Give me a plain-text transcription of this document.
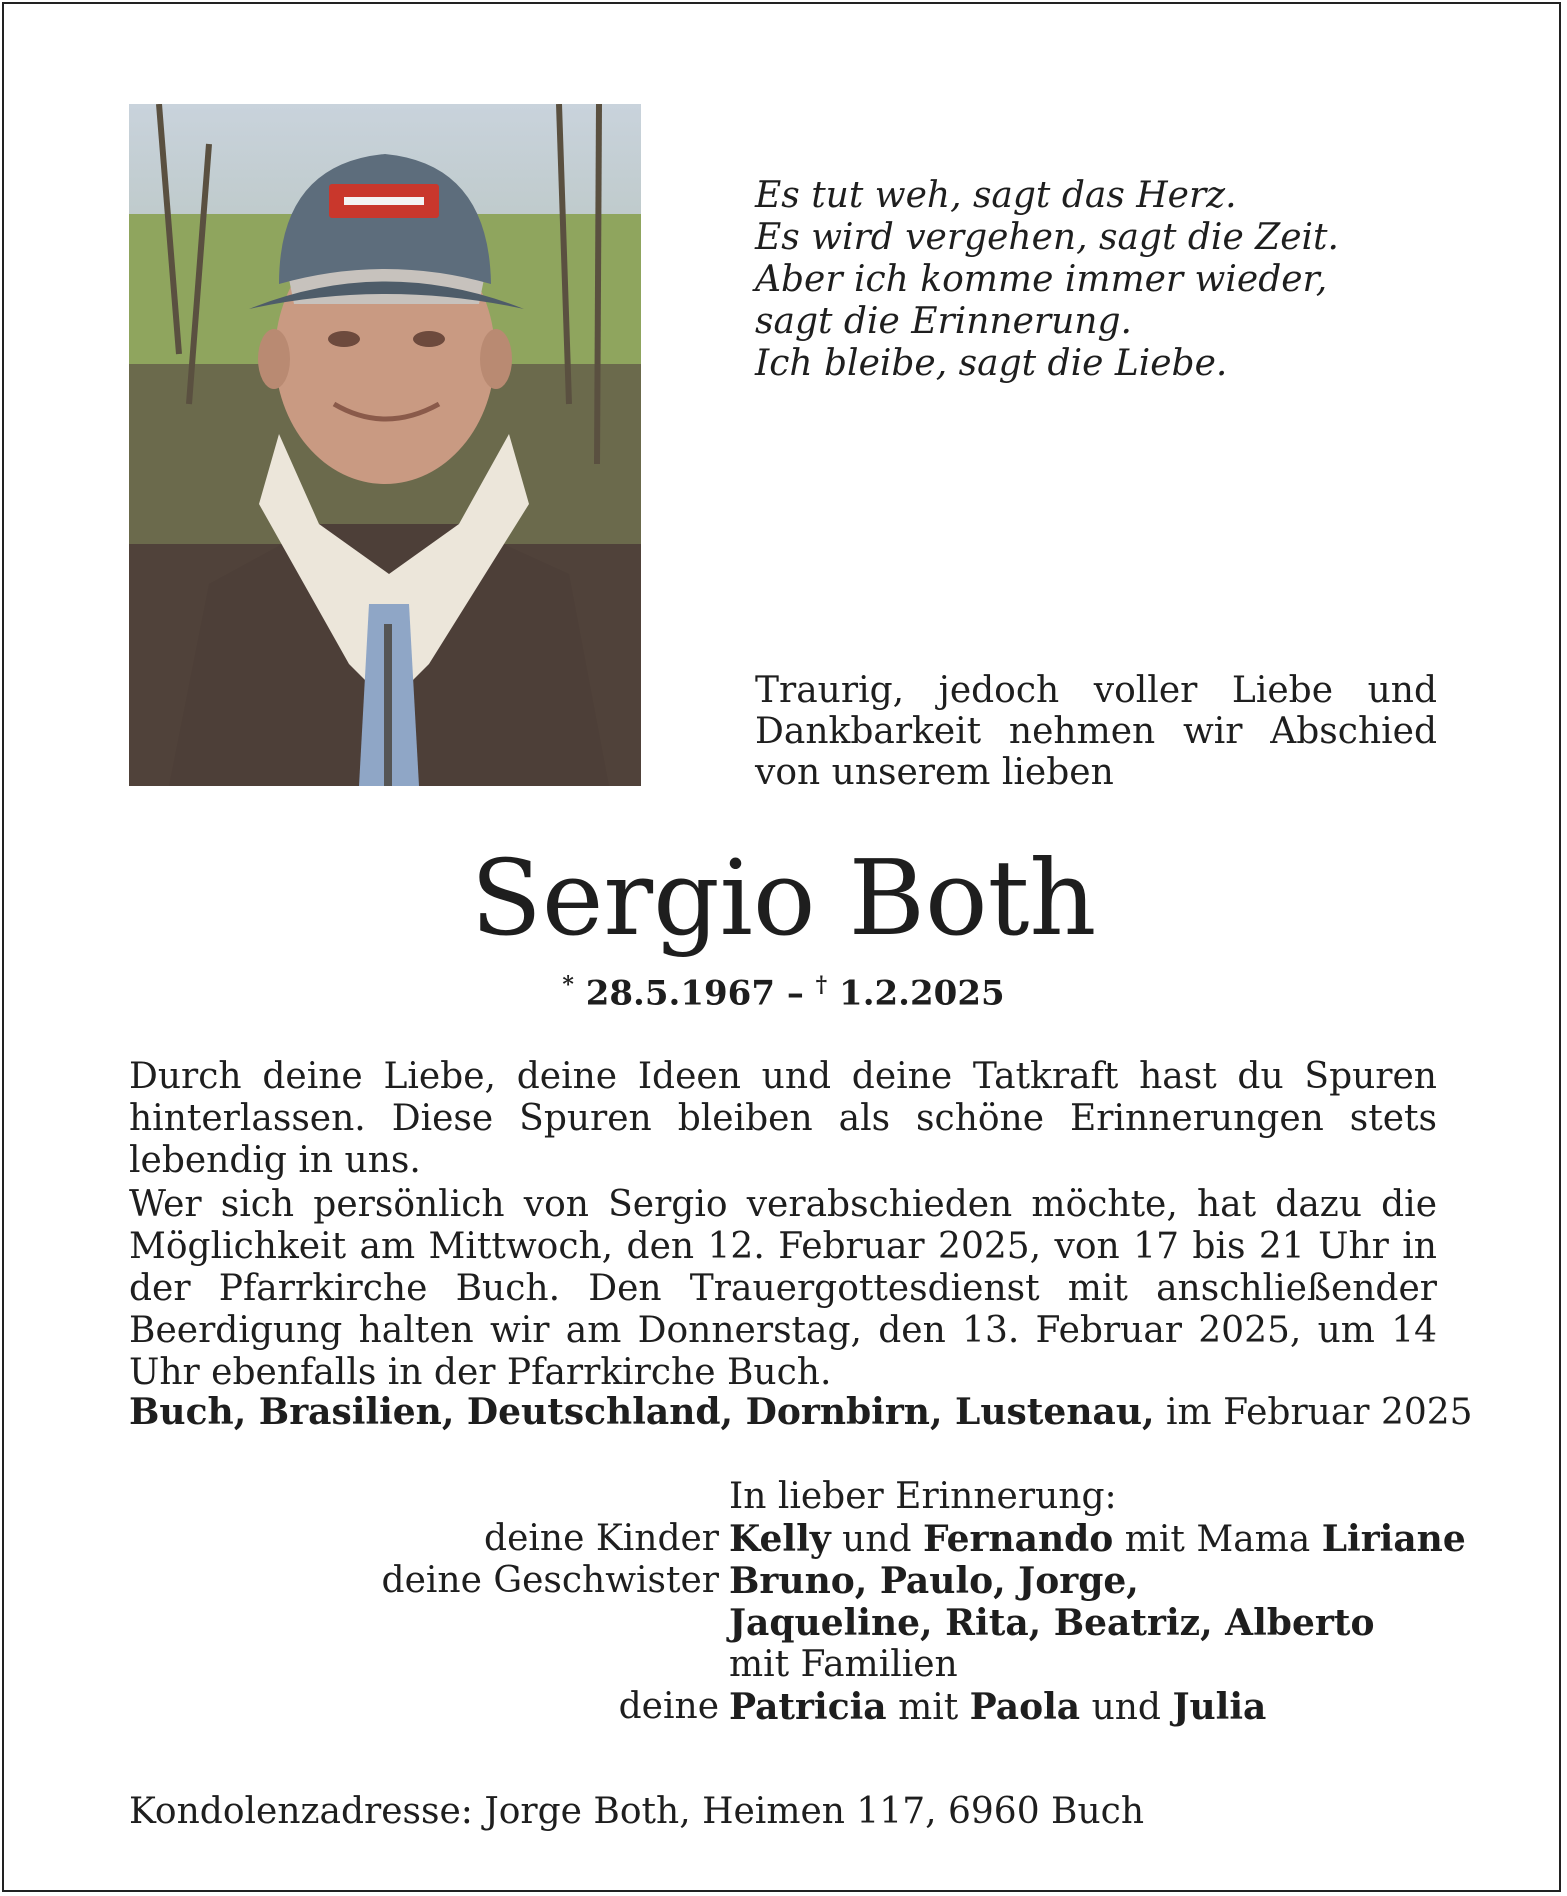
Es tut weh, sagt das Herz.
Es wird vergehen, sagt die Zeit.
Aber ich komme immer wieder,
sagt die Erinnerung.
Ich bleibe, sagt die Liebe.
Traurig, jedoch voller Liebe und Dankbarkeit nehmen wir Abschied von unserem lieben
Sergio Both
* 28.5.1967 – † 1.2.2025

Durch deine Liebe, deine Ideen und deine Tatkraft hast du Spuren hinterlassen. Diese Spuren bleiben als schöne Erinnerungen stets lebendig in uns.

Wer sich persönlich von Sergio verabschieden möchte, hat dazu die Möglichkeit am Mittwoch, den 12. Februar 2025, von 17 bis 21 Uhr in der Pfarrkirche Buch. Den Trauergottesdienst mit anschließender Beerdigung halten wir am Donnerstag, den 13. Februar 2025, um 14 Uhr ebenfalls in der Pfarrkirche Buch.

Buch, Brasilien, Deutschland, Dornbirn, Lustenau, im Februar 2025
In lieber Erinnerung:
deine Kinder Kelly und Fernando mit Mama Liriane
deine Geschwister Bruno, Paulo, Jorge,
Jaqueline, Rita, Beatriz, Alberto
mit Familien
deine Patricia mit Paola und Julia
Kondolenzadresse: Jorge Both, Heimen 117, 6960 Buch
